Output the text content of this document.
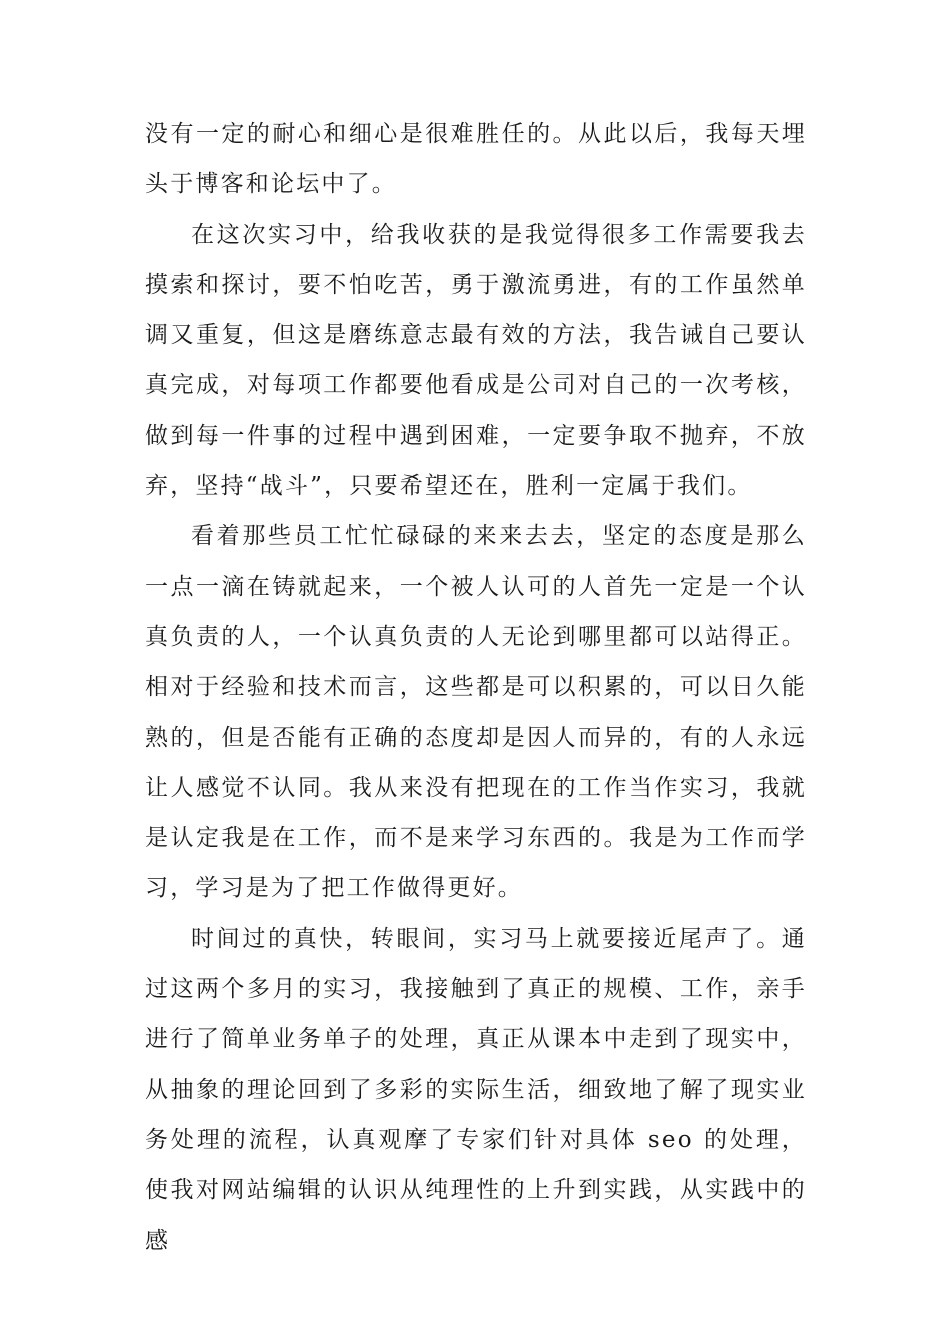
没有一定的耐心和细心是很难胜任的。从此以后，我每天埋头于博客和论坛中了。

在这次实习中，给我收获的是我觉得很多工作需要我去摸索和探讨，要不怕吃苦，勇于激流勇进，有的工作虽然单调又重复，但这是磨练意志最有效的方法，我告诫自己要认真完成，对每项工作都要他看成是公司对自己的一次考核，做到每一件事的过程中遇到困难，一定要争取不抛弃，不放弃，坚持“战斗”，只要希望还在，胜利一定属于我们。

看着那些员工忙忙碌碌的来来去去，坚定的态度是那么一点一滴在铸就起来，一个被人认可的人首先一定是一个认真负责的人，一个认真负责的人无论到哪里都可以站得正。相对于经验和技术而言，这些都是可以积累的，可以日久能熟的，但是否能有正确的态度却是因人而异的，有的人永远让人感觉不认同。我从来没有把现在的工作当作实习，我就是认定我是在工作，而不是来学习东西的。我是为工作而学习，学习是为了把工作做得更好。

时间过的真快，转眼间，实习马上就要接近尾声了。通过这两个多月的实习，我接触到了真正的规模、工作，亲手进行了简单业务单子的处理，真正从课本中走到了现实中，从抽象的理论回到了多彩的实际生活，细致地了解了现实业务处理的流程，认真观摩了专家们针对具体 seo 的处理，使我对网站编辑的认识从纯理性的上升到实践，从实践中的感
